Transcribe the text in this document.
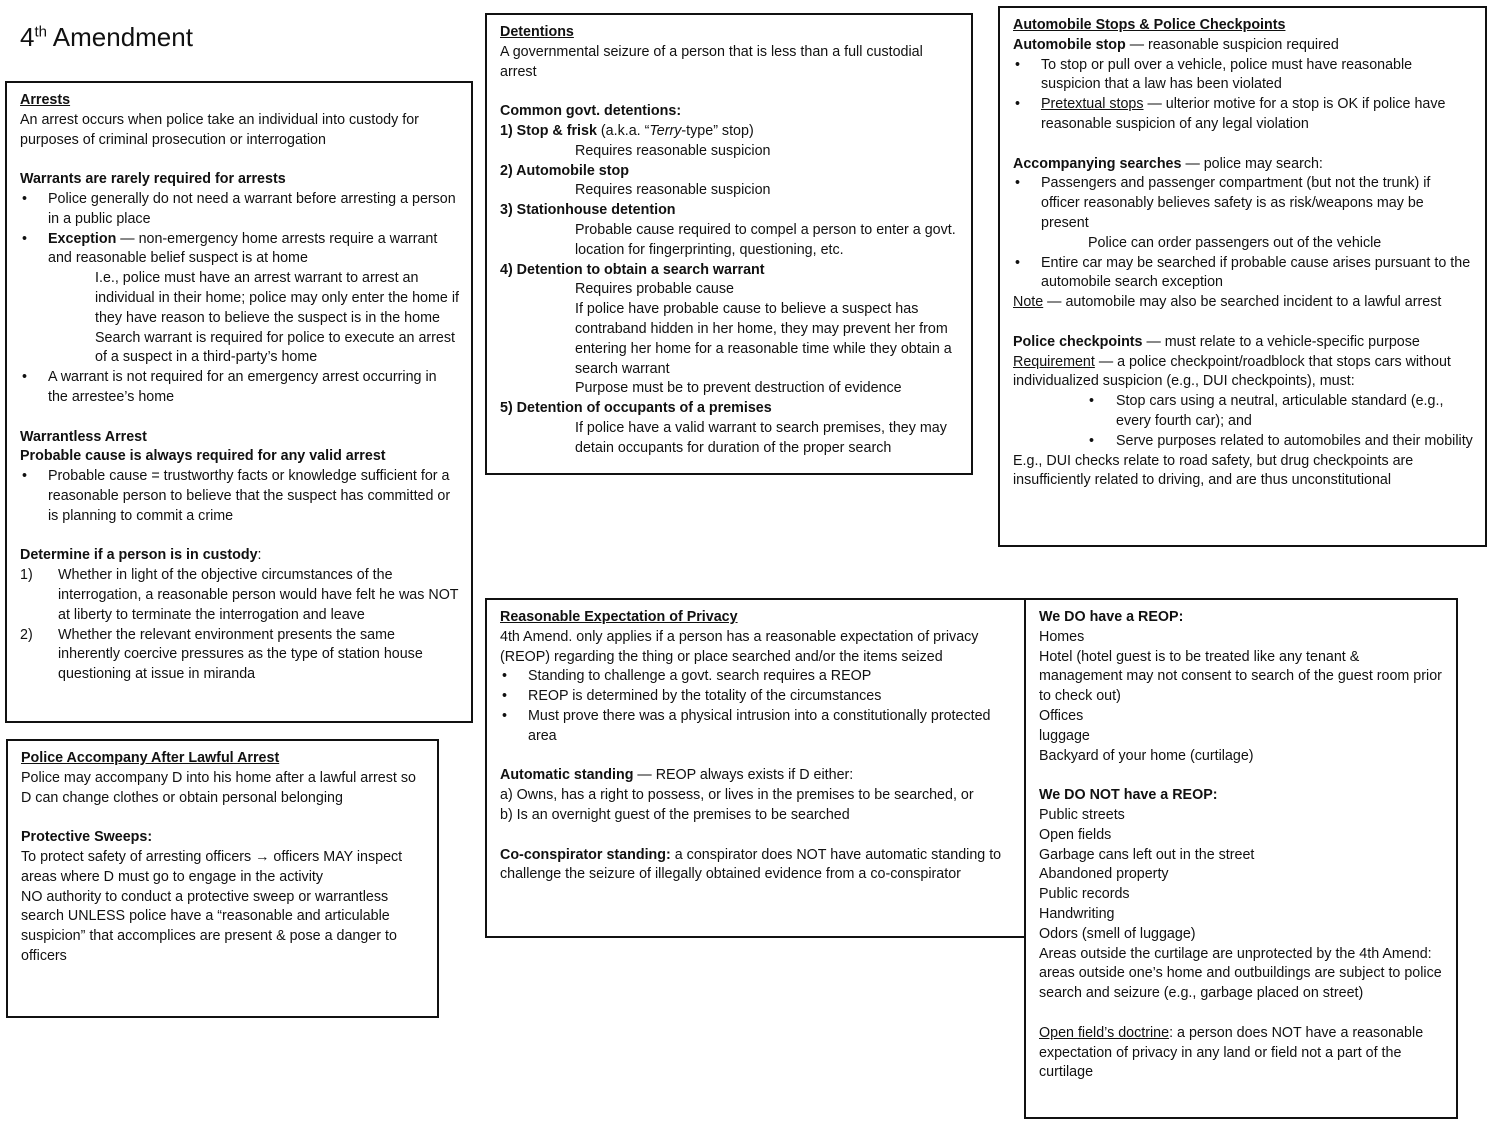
4th Amendment
Arrests
An arrest occurs when police take an individual into custody for purposes of criminal prosecution or interrogation
Warrants are rarely required for arrests
• Police generally do not need a warrant before arresting a person in a public place
• Exception — non-emergency home arrests require a warrant and reasonable belief suspect is at home
I.e., police must have an arrest warrant to arrest an individual in their home; police may only enter the home if they have reason to believe the suspect is in the home
Search warrant is required for police to execute an arrest of a suspect in a third-party’s home
• A warrant is not required for an emergency arrest occurring in the arrestee’s home
Warrantless Arrest
Probable cause is always required for any valid arrest
• Probable cause = trustworthy facts or knowledge sufficient for a reasonable person to believe that the suspect has committed or is planning to commit a crime
Determine if a person is in custody:
1) Whether in light of the objective circumstances of the interrogation, a reasonable person would have felt he was NOT at liberty to terminate the interrogation and leave
2) Whether the relevant environment presents the same inherently coercive pressures as the type of station house questioning at issue in miranda
Police Accompany After Lawful Arrest
Police may accompany D into his home after a lawful arrest so D can change clothes or obtain personal belonging
Protective Sweeps:
To protect safety of arresting officers → officers MAY inspect areas where D must go to engage in the activity
NO authority to conduct a protective sweep or warrantless search UNLESS police have a “reasonable and articulable suspicion” that accomplices are present & pose a danger to officers
Detentions
A governmental seizure of a person that is less than a full custodial arrest
Common govt. detentions:
1) Stop & frisk (a.k.a. “Terry-type” stop)
Requires reasonable suspicion
2) Automobile stop
Requires reasonable suspicion
3) Stationhouse detention
Probable cause required to compel a person to enter a govt. location for fingerprinting, questioning, etc.
4) Detention to obtain a search warrant
Requires probable cause
If police have probable cause to believe a suspect has contraband hidden in her home, they may prevent her from entering her home for a reasonable time while they obtain a search warrant
Purpose must be to prevent destruction of evidence
5) Detention of occupants of a premises
If police have a valid warrant to search premises, they may detain occupants for duration of the proper search
Automobile Stops & Police Checkpoints
Automobile stop — reasonable suspicion required
• To stop or pull over a vehicle, police must have reasonable suspicion that a law has been violated
• Pretextual stops — ulterior motive for a stop is OK if police have reasonable suspicion of any legal violation
Accompanying searches — police may search:
• Passengers and passenger compartment (but not the trunk) if officer reasonably believes safety is as risk/weapons may be present
Police can order passengers out of the vehicle
• Entire car may be searched if probable cause arises pursuant to the automobile search exception
Note — automobile may also be searched incident to a lawful arrest
Police checkpoints — must relate to a vehicle-specific purpose
Requirement — a police checkpoint/roadblock that stops cars without individualized suspicion (e.g., DUI checkpoints), must:
• Stop cars using a neutral, articulable standard (e.g., every fourth car); and
• Serve purposes related to automobiles and their mobility
E.g., DUI checks relate to road safety, but drug checkpoints are insufficiently related to driving, and are thus unconstitutional
Reasonable Expectation of Privacy
4th Amend. only applies if a person has a reasonable expectation of privacy (REOP) regarding the thing or place searched and/or the items seized
• Standing to challenge a govt. search requires a REOP
• REOP is determined by the totality of the circumstances
• Must prove there was a physical intrusion into a constitutionally protected area
Automatic standing — REOP always exists if D either:
a) Owns, has a right to possess, or lives in the premises to be searched, or
b) Is an overnight guest of the premises to be searched
Co-conspirator standing: a conspirator does NOT have automatic standing to challenge the seizure of illegally obtained evidence from a co-conspirator
We DO have a REOP:
Homes
Hotel (hotel guest is to be treated like any tenant & management may not consent to search of the guest room prior to check out)
Offices
luggage
Backyard of your home (curtilage)
We DO NOT have a REOP:
Public streets
Open fields
Garbage cans left out in the street
Abandoned property
Public records
Handwriting
Odors (smell of luggage)
Areas outside the curtilage are unprotected by the 4th Amend: areas outside one’s home and outbuildings are subject to police search and seizure (e.g., garbage placed on street)
Open field’s doctrine: a person does NOT have a reasonable expectation of privacy in any land or field not a part of the curtilage
